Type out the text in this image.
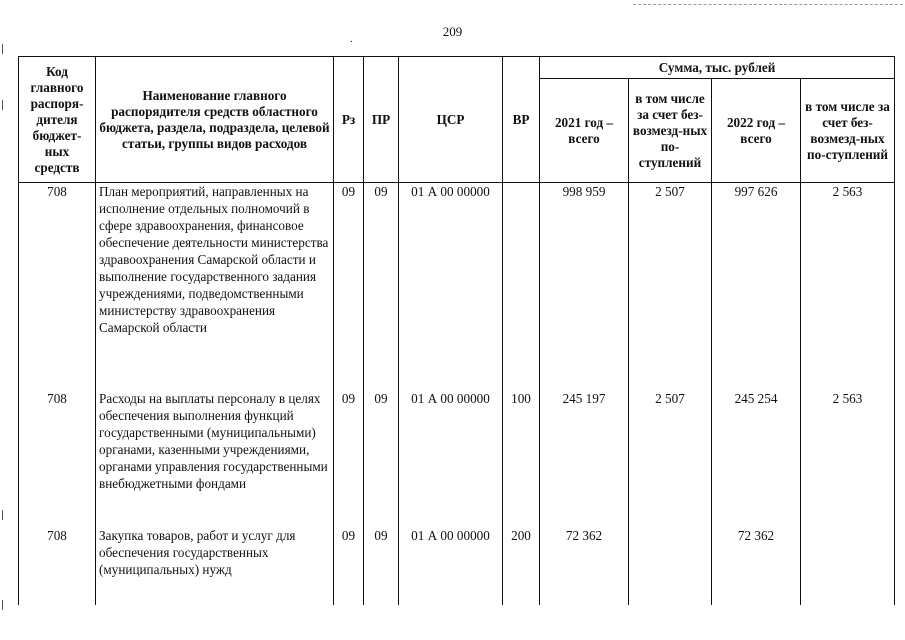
209
.
Код главного распоря-дителя бюджет-ных средств	Наименование главного распорядителя средств областного бюджета, раздела, подраздела, целевой статьи, группы видов расходов	Рз	ПР	ЦСР	ВР	Сумма, тыс. рублей			
						2021 год – всего	в том числе за счет без-возмезд-ных по-ступлений	2022 год – всего	в том числе за счет без-возмезд-ных по-ступлений
708	План мероприятий, направленных на исполнение отдельных полномочий в сфере здравоохранения, финансовое обеспечение деятельности министерства здравоохранения Самарской области и выполнение государственного задания учреждениями, подведомственными министерству здравоохранения Самарской области	09	09	01 А 00 00000		998 959	2 507	997 626	2 563
708	Расходы на выплаты персоналу в целях обеспечения выполнения функций государственными (муниципальными) органами, казенными учреждениями, органами управления государственными внебюджетными фондами	09	09	01 А 00 00000	100	245 197	2 507	245 254	2 563
708	Закупка товаров, работ и услуг для обеспечения государственных (муниципальных) нужд	09	09	01 А 00 00000	200	72 362		72 362	
